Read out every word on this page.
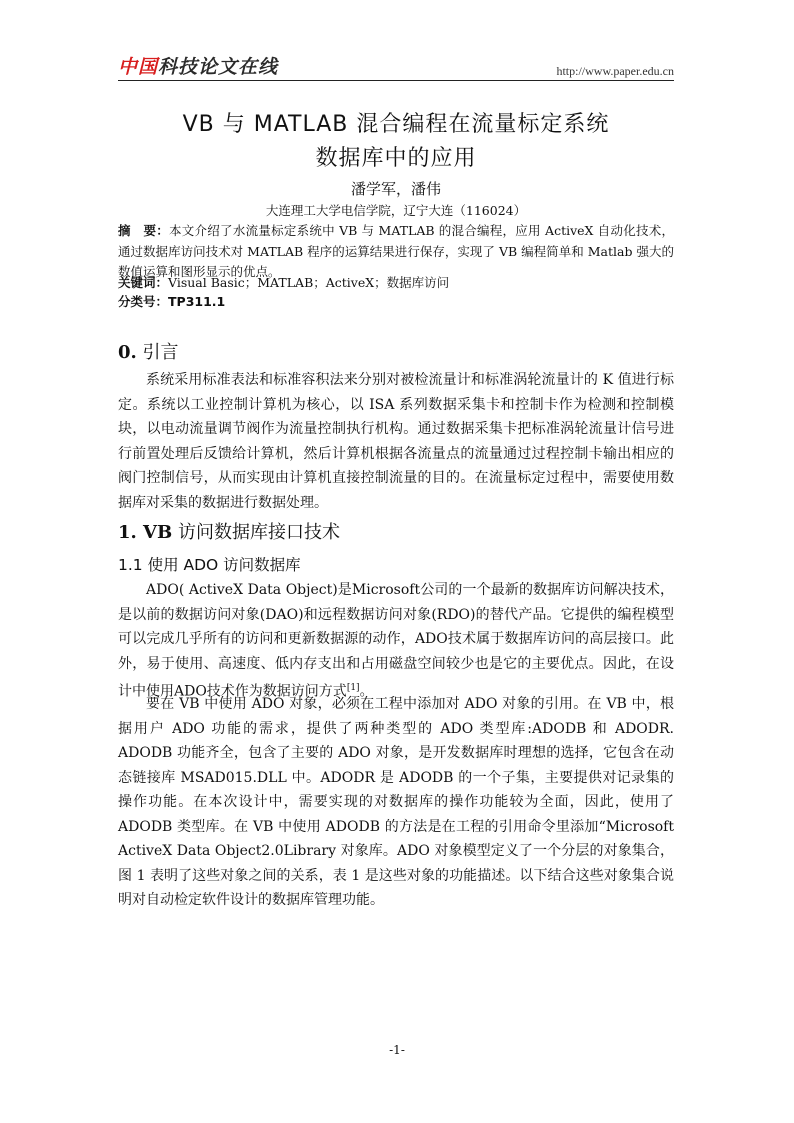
中国科技论文在线	http://www.paper.edu.cn
VB 与 MATLAB 混合编程在流量标定系统
数据库中的应用
潘学军，潘伟
大连理工大学电信学院，辽宁大连（116024）
摘　要：本文介绍了水流量标定系统中 VB 与 MATLAB 的混合编程，应用 ActiveX 自动化技术，通过数据库访问技术对 MATLAB 程序的运算结果进行保存，实现了 VB 编程简单和 Matlab 强大的数值运算和图形显示的优点。
关键词：Visual Basic；MATLAB；ActiveX；数据库访问
分类号：TP311.1
0. 引言

系统采用标准表法和标准容积法来分别对被检流量计和标准涡轮流量计的 K 值进行标定。系统以工业控制计算机为核心，以 ISA 系列数据采集卡和控制卡作为检测和控制模块，以电动流量调节阀作为流量控制执行机构。通过数据采集卡把标准涡轮流量计信号进行前置处理后反馈给计算机，然后计算机根据各流量点的流量通过过程控制卡输出相应的阀门控制信号，从而实现由计算机直接控制流量的目的。在流量标定过程中，需要使用数据库对采集的数据进行数据处理。

1. VB 访问数据库接口技术
1.1 使用 ADO 访问数据库

ADO( ActiveX Data Object)是Microsoft公司的一个最新的数据库访问解决技术，是以前的数据访问对象(DAO)和远程数据访问对象(RDO)的替代产品。它提供的编程模型可以完成几乎所有的访问和更新数据源的动作，ADO技术属于数据库访问的高层接口。此外，易于使用、高速度、低内存支出和占用磁盘空间较少也是它的主要优点。因此，在设计中使用ADO技术作为数据访问方式[1]。

要在 VB 中使用 ADO 对象，必须在工程中添加对 ADO 对象的引用。在 VB 中，根据用户 ADO 功能的需求，提供了两种类型的 ADO 类型库:ADODB 和 ADODR. ADODB 功能齐全，包含了主要的 ADO 对象，是开发数据库时理想的选择，它包含在动态链接库 MSAD015.DLL 中。ADODR 是 ADODB 的一个子集，主要提供对记录集的操作功能。在本次设计中，需要实现的对数据库的操作功能较为全面，因此，使用了 ADODB 类型库。在 VB 中使用 ADODB 的方法是在工程的引用命令里添加“Microsoft ActiveX Data Object2.0Library 对象库。ADO 对象模型定义了一个分层的对象集合，图 1 表明了这些对象之间的关系，表 1 是这些对象的功能描述。以下结合这些对象集合说明对自动检定软件设计的数据库管理功能。

-1-
